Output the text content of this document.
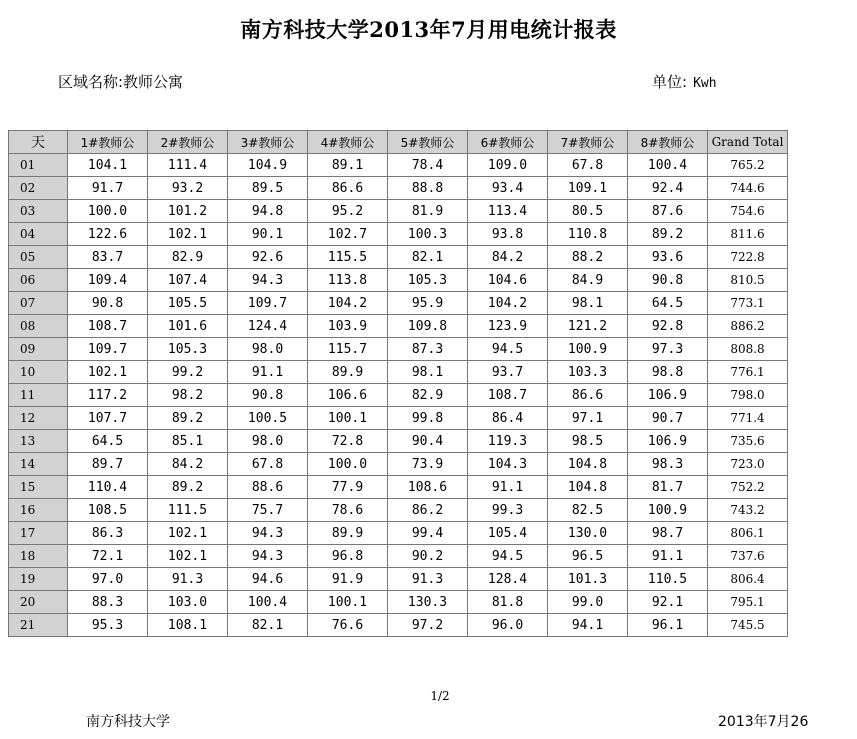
南方科技大学2013年7月用电统计报表
区域名称:教师公寓	单位: Kwh
天	1#教师公	2#教师公	3#教师公	4#教师公	5#教师公	6#教师公	7#教师公	8#教师公	Grand Total
01	104.1	111.4	104.9	89.1	78.4	109.0	67.8	100.4	765.2
02	91.7	93.2	89.5	86.6	88.8	93.4	109.1	92.4	744.6
03	100.0	101.2	94.8	95.2	81.9	113.4	80.5	87.6	754.6
04	122.6	102.1	90.1	102.7	100.3	93.8	110.8	89.2	811.6
05	83.7	82.9	92.6	115.5	82.1	84.2	88.2	93.6	722.8
06	109.4	107.4	94.3	113.8	105.3	104.6	84.9	90.8	810.5
07	90.8	105.5	109.7	104.2	95.9	104.2	98.1	64.5	773.1
08	108.7	101.6	124.4	103.9	109.8	123.9	121.2	92.8	886.2
09	109.7	105.3	98.0	115.7	87.3	94.5	100.9	97.3	808.8
10	102.1	99.2	91.1	89.9	98.1	93.7	103.3	98.8	776.1
11	117.2	98.2	90.8	106.6	82.9	108.7	86.6	106.9	798.0
12	107.7	89.2	100.5	100.1	99.8	86.4	97.1	90.7	771.4
13	64.5	85.1	98.0	72.8	90.4	119.3	98.5	106.9	735.6
14	89.7	84.2	67.8	100.0	73.9	104.3	104.8	98.3	723.0
15	110.4	89.2	88.6	77.9	108.6	91.1	104.8	81.7	752.2
16	108.5	111.5	75.7	78.6	86.2	99.3	82.5	100.9	743.2
17	86.3	102.1	94.3	89.9	99.4	105.4	130.0	98.7	806.1
18	72.1	102.1	94.3	96.8	90.2	94.5	96.5	91.1	737.6
19	97.0	91.3	94.6	91.9	91.3	128.4	101.3	110.5	806.4
20	88.3	103.0	100.4	100.1	130.3	81.8	99.0	92.1	795.1
21	95.3	108.1	82.1	76.6	97.2	96.0	94.1	96.1	745.5
1/2
南方科技大学	2013年7月26
